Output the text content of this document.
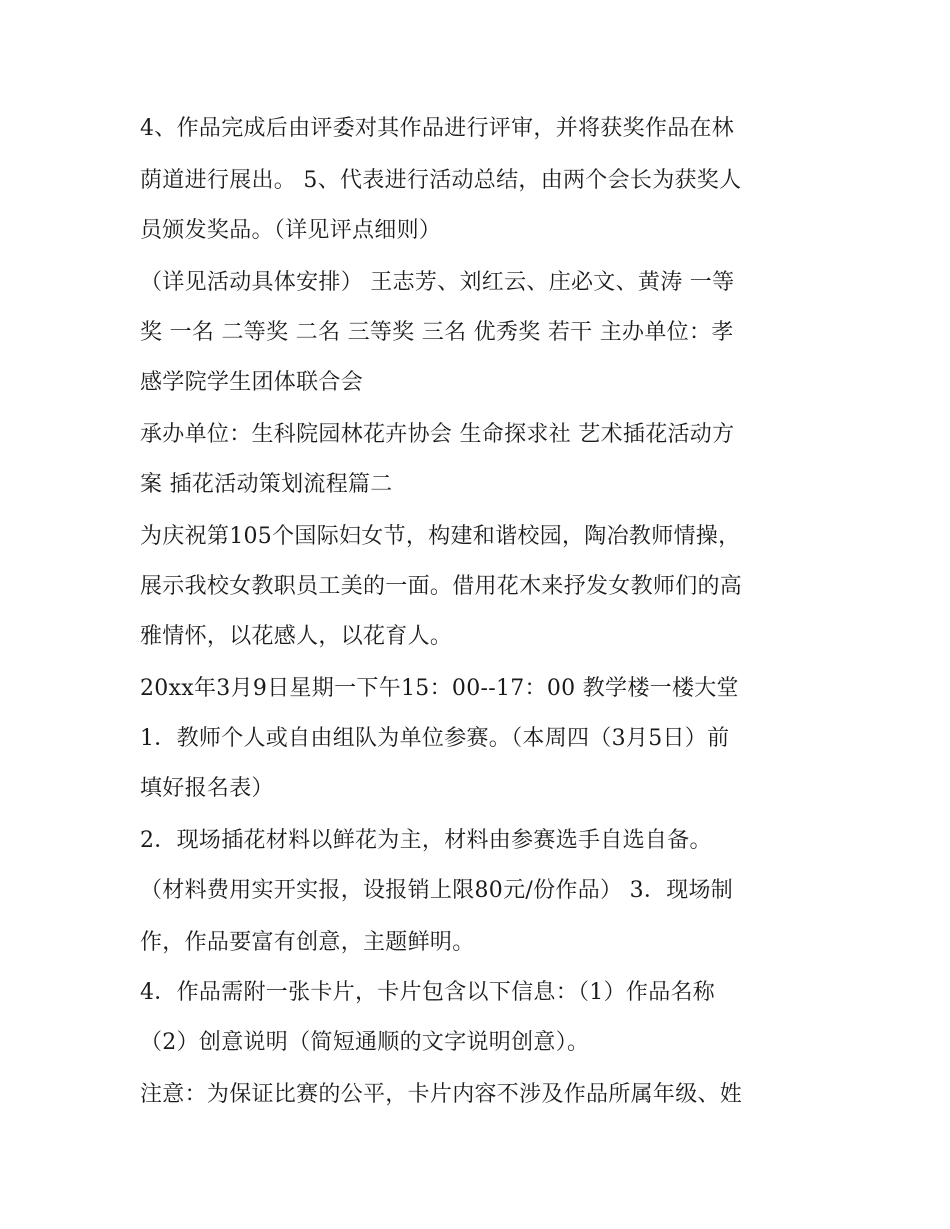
4、作品完成后由评委对其作品进行评审，并将获奖作品在林
荫道进行展出。 5、代表进行活动总结，由两个会长为获奖人
员颁发奖品。（详见评点细则）
（详见活动具体安排） 王志芳、刘红云、庄必文、黄涛 一等
奖 一名 二等奖 二名 三等奖 三名 优秀奖 若干 主办单位：孝
感学院学生团体联合会
承办单位：生科院园林花卉协会 生命探求社 艺术插花活动方
案 插花活动策划流程篇二
为庆祝第105个国际妇女节，构建和谐校园，陶冶教师情操，
展示我校女教职员工美的一面。借用花木来抒发女教师们的高
雅情怀，以花感人，以花育人。
20xx年3月9日星期一下午15：00--17：00 教学楼一楼大堂
1．教师个人或自由组队为单位参赛。（本周四（3月5日）前
填好报名表）
2．现场插花材料以鲜花为主，材料由参赛选手自选自备。
（材料费用实开实报，设报销上限80元/份作品） 3．现场制
作，作品要富有创意，主题鲜明。
4．作品需附一张卡片，卡片包含以下信息：（1）作品名称
（2）创意说明（简短通顺的文字说明创意）。
注意：为保证比赛的公平，卡片内容不涉及作品所属年级、姓
